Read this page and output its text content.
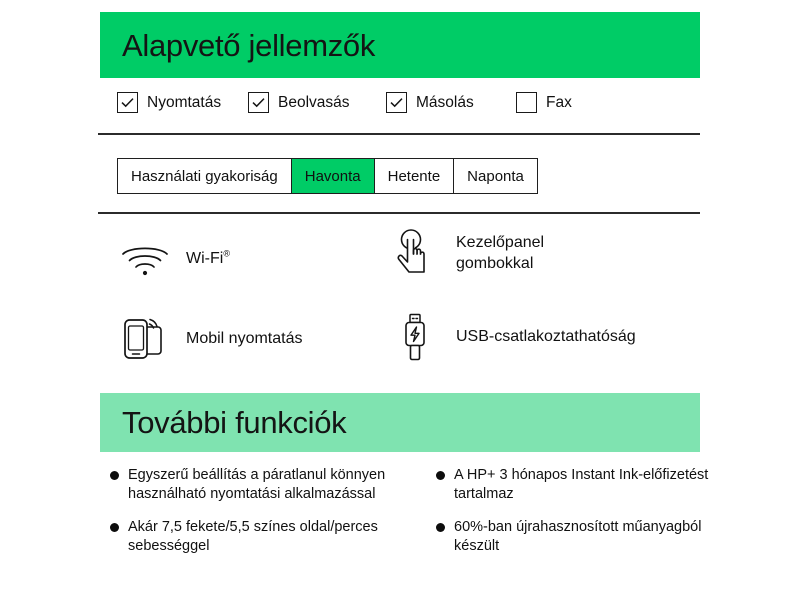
Alapvető jellemzők
Nyomtatás	Beolvasás	Másolás	Fax
Használati gyakoriság	Havonta	Hetente	Naponta
Wi-Fi®
Kezelőpanel
gombokkal
Mobil nyomtatás	USB-csatlakoztathatóság
További funkciók
Egyszerű beállítás a páratlanul könnyen használható nyomtatási alkalmazással
Akár 7,5 fekete/5,5 színes oldal/perces sebességgel
A HP+ 3 hónapos Instant Ink-előfizetést tartalmaz
60%-ban újrahasznosított műanyagból készült
